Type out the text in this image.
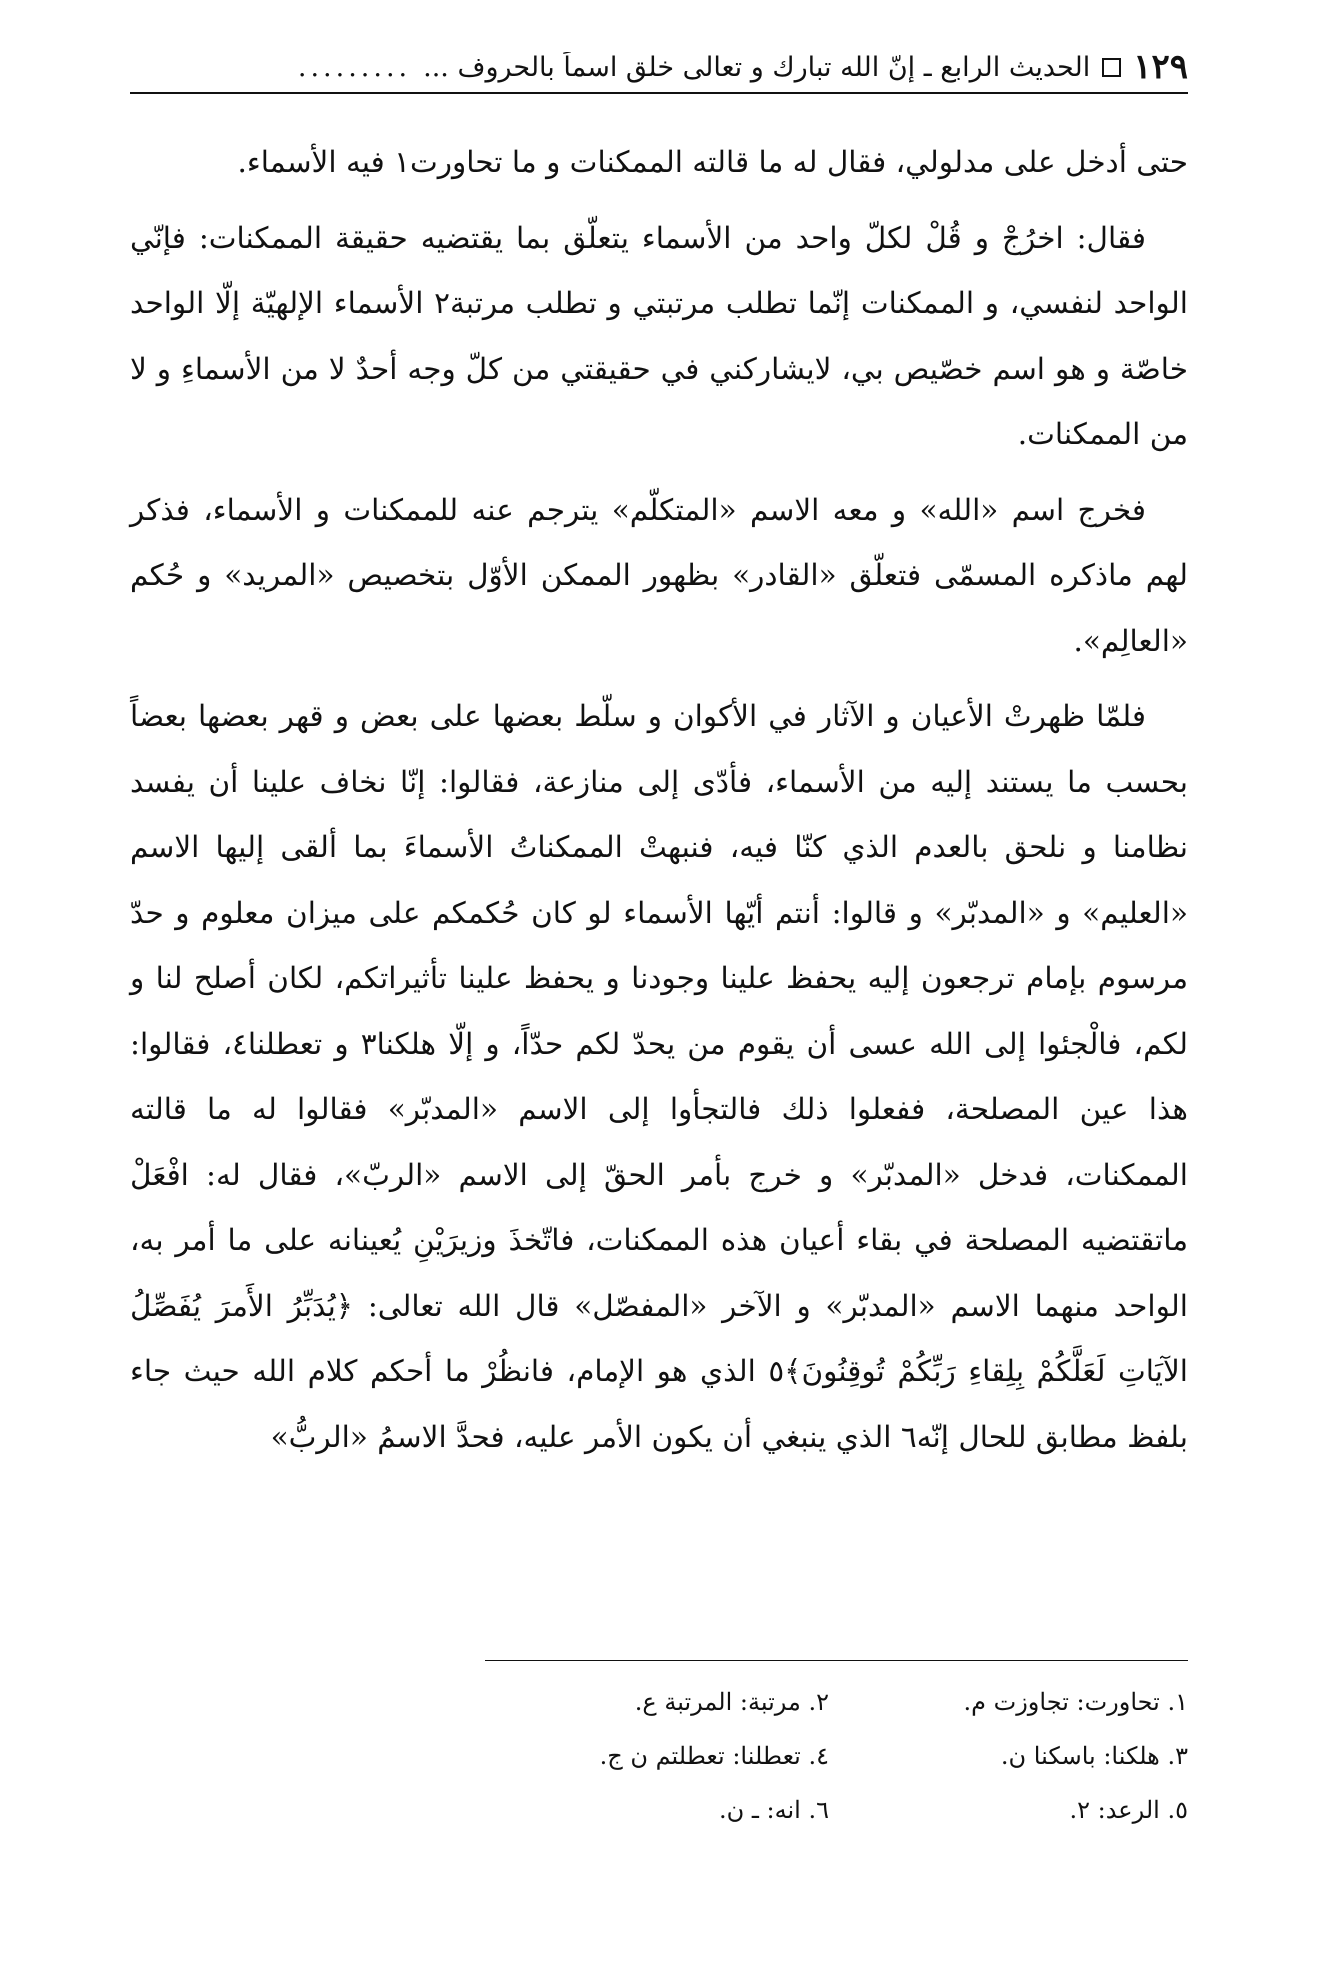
١٢٩
الحديث الرابع ـ إنّ الله تبارك و تعالى خلق اسماً بالحروف ...
.........

حتى أدخل على مدلولي، فقال له ما قالته الممكنات و ما تحاورت١ فيه الأسماء.

فقال: اخرُجْ و قُلْ لكلّ واحد من الأسماء يتعلّق بما يقتضيه حقيقة الممكنات: فإنّي الواحد لنفسي، و الممكنات إنّما تطلب مرتبتي و تطلب مرتبة٢ الأسماء الإلهيّة إلّا الواحد خاصّة و هو اسم خصّيص بي، لايشاركني في حقيقتي من كلّ وجه أحدٌ لا من الأسماءِ و لا من الممكنات.

فخرج اسم «الله» و معه الاسم «المتكلّم» يترجم عنه للممكنات و الأسماء، فذكر لهم ماذكره المسمّى فتعلّق «القادر» بظهور الممكن الأوّل بتخصيص «المريد» و حُكم «العالِم».

فلمّا ظهرتْ الأعيان و الآثار في الأكوان و سلّط بعضها على بعض و قهر بعضها بعضاً بحسب ما يستند إليه من الأسماء، فأدّى إلى منازعة، فقالوا: إنّا نخاف علينا أن يفسد نظامنا و نلحق بالعدم الذي كنّا فيه، فنبهتْ الممكناتُ الأسماءَ بما ألقى إليها الاسم «العليم» و «المدبّر» و قالوا: أنتم أيّها الأسماء لو كان حُكمكم على ميزان معلوم و حدّ مرسوم بإمام ترجعون إليه يحفظ علينا وجودنا و يحفظ علينا تأثيراتكم، لكان أصلح لنا و لكم، فالْجئوا إلى الله عسى أن يقوم من يحدّ لكم حدّاً، و إلّا هلكنا٣ و تعطلنا٤، فقالوا: هذا عين المصلحة، ففعلوا ذلك فالتجأوا إلى الاسم «المدبّر» فقالوا له ما قالته الممكنات، فدخل «المدبّر» و خرج بأمر الحقّ إلى الاسم «الربّ»، فقال له: افْعَلْ ماتقتضيه المصلحة في بقاء أعيان هذه الممكنات، فاتّخذَ وزيرَيْنِ يُعينانه على ما أمر به، الواحد منهما الاسم «المدبّر» و الآخر «المفصّل» قال الله تعالى: ﴿يُدَبِّرُ الأَمرَ يُفَصِّلُ الآيَاتِ لَعَلَّكُمْ بِلِقاءِ رَبِّكُمْ تُوقِنُونَ﴾٥ الذي هو الإمام، فانظُرْ ما أحكم كلام الله حيث جاء بلفظ مطابق للحال إنّه٦ الذي ينبغي أن يكون الأمر عليه، فحدَّ الاسمُ «الربُّ»

١. تحاورت: تجاوزت م.
٢. مرتبة: المرتبة ع.
٣. هلكنا: باسكنا ن.
٤. تعطلنا: تعطلتم ن ج.
٥. الرعد: ٢.
٦. انه: ـ ن.
